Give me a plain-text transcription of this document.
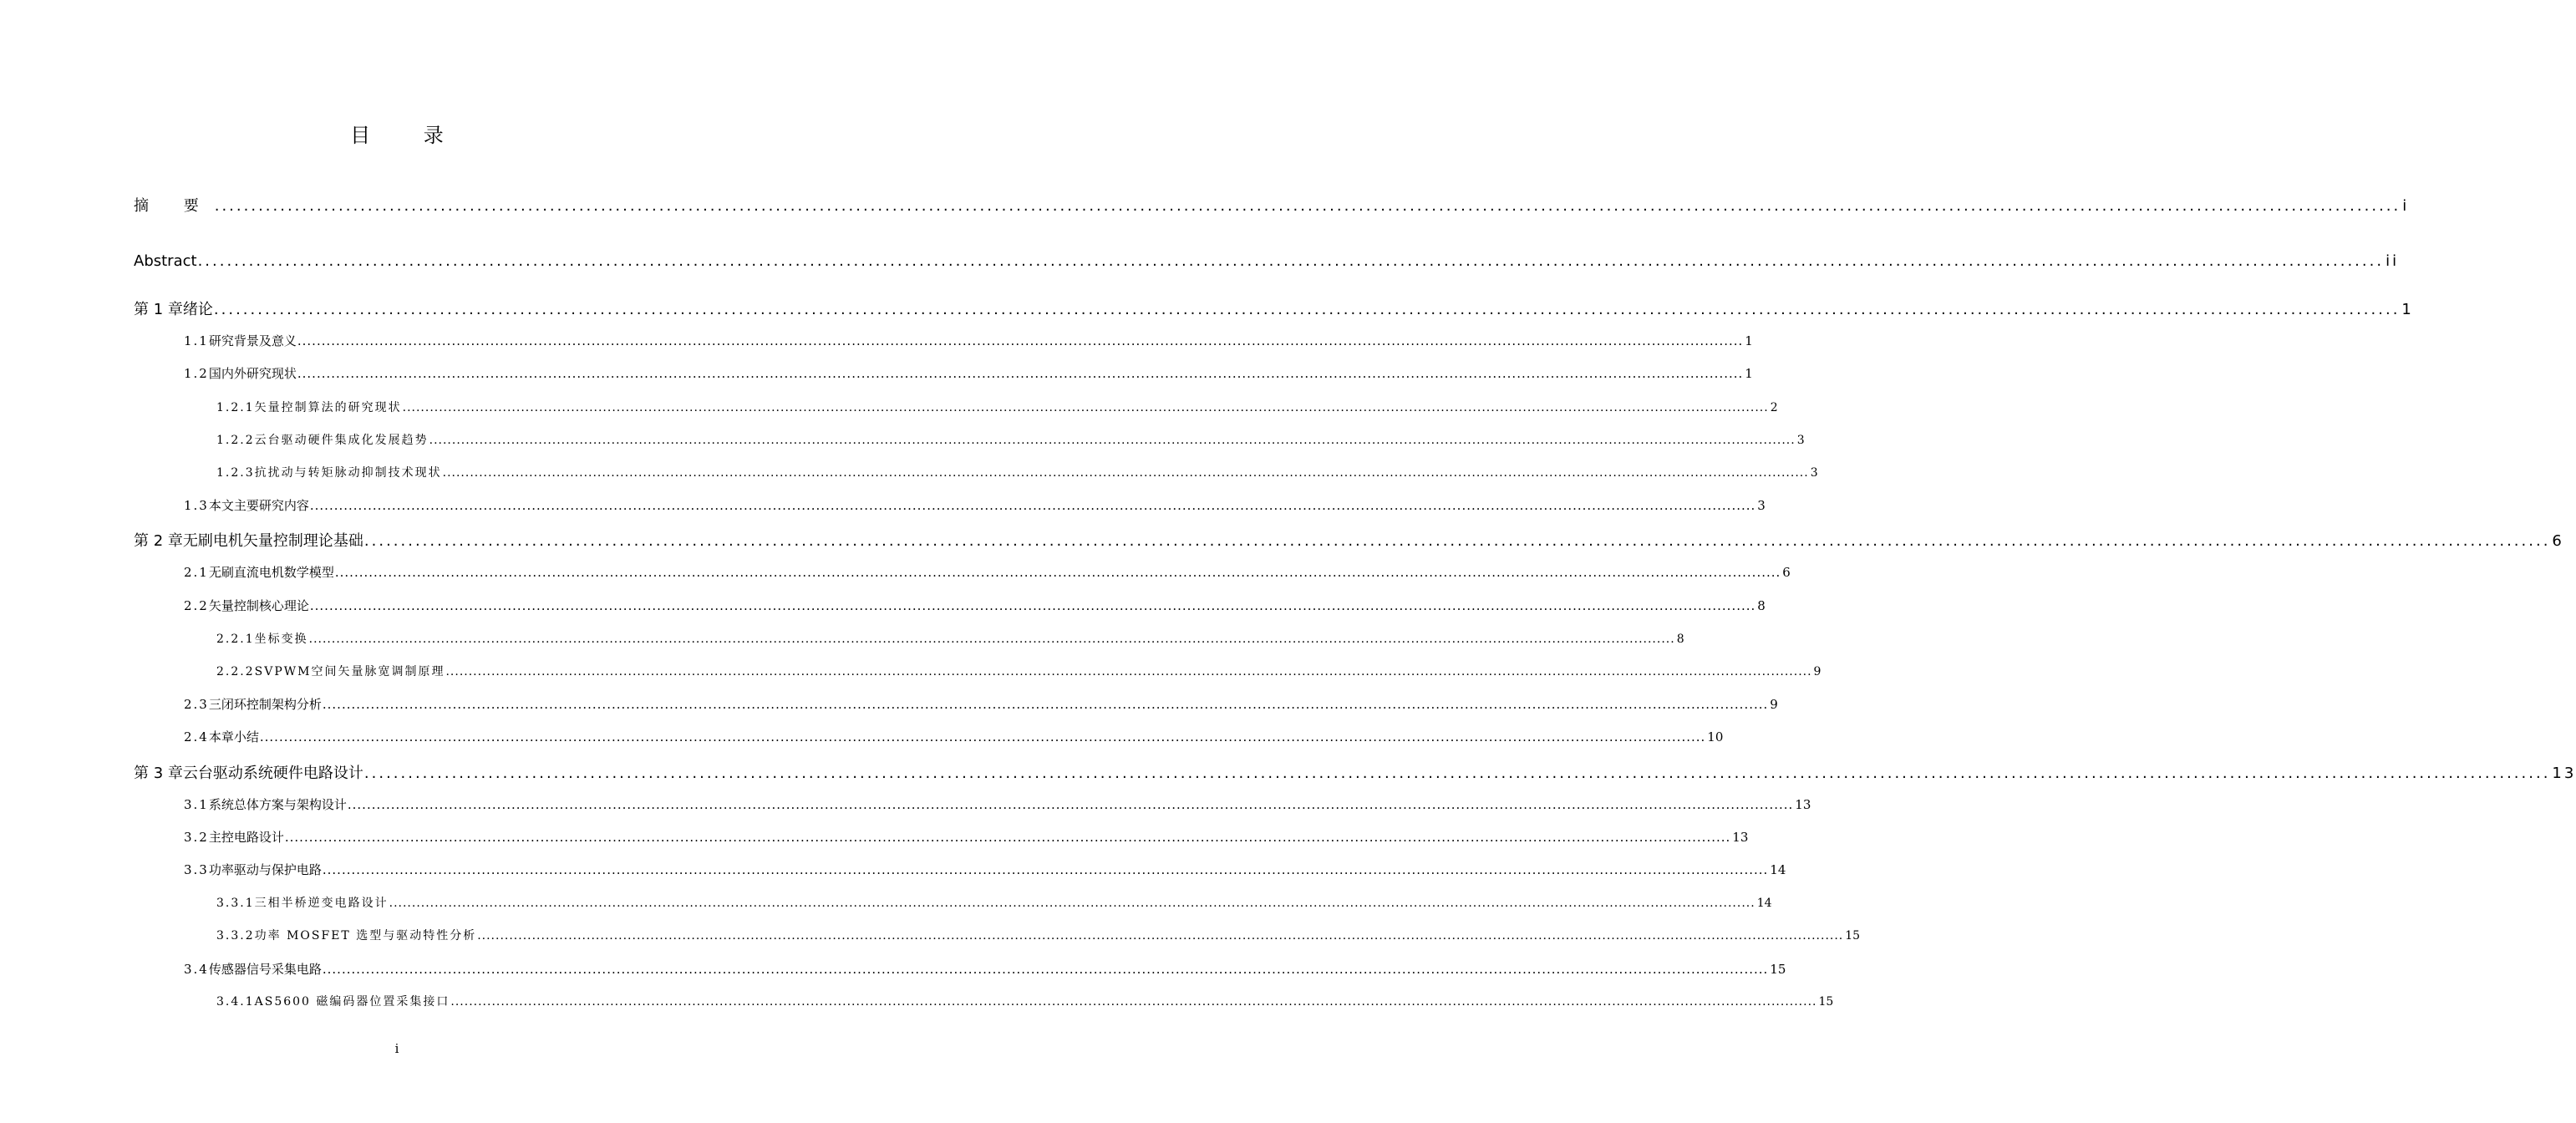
目 录
摘 要 ............................................................................................................................................................................................................................................................................................................ i
Abstract ............................................................................................................................................................................................................................................................................................................ ii
第 1 章 绪论 ............................................................................................................................................................................................................................................................................................................ 1
1.1 研究背景及意义 ............................................................................................................................................................................................................................................................................................................ 1
1.2 国内外研究现状 ............................................................................................................................................................................................................................................................................................................ 1
1.2.1 矢量控制算法的研究现状 ............................................................................................................................................................................................................................................................................................................ 2
1.2.2 云台驱动硬件集成化发展趋势 ............................................................................................................................................................................................................................................................................................................ 3
1.2.3 抗扰动与转矩脉动抑制技术现状 ............................................................................................................................................................................................................................................................................................................ 3
1.3 本文主要研究内容 ............................................................................................................................................................................................................................................................................................................ 3
第 2 章 无刷电机矢量控制理论基础 ............................................................................................................................................................................................................................................................................................................ 6
2.1 无刷直流电机数学模型 ............................................................................................................................................................................................................................................................................................................ 6
2.2 矢量控制核心理论 ............................................................................................................................................................................................................................................................................................................ 8
2.2.1 坐标变换 ............................................................................................................................................................................................................................................................................................................ 8
2.2.2 SVPWM空间矢量脉宽调制原理 ............................................................................................................................................................................................................................................................................................................ 9
2.3 三闭环控制架构分析 ............................................................................................................................................................................................................................................................................................................ 9
2.4 本章小结 ............................................................................................................................................................................................................................................................................................................ 10
第 3 章 云台驱动系统硬件电路设计 ............................................................................................................................................................................................................................................................................................................ 13
3.1 系统总体方案与架构设计 ............................................................................................................................................................................................................................................................................................................ 13
3.2 主控电路设计 ............................................................................................................................................................................................................................................................................................................ 13
3.3 功率驱动与保护电路 ............................................................................................................................................................................................................................................................................................................ 14
3.3.1 三相半桥逆变电路设计 ............................................................................................................................................................................................................................................................................................................ 14
3.3.2 功率 MOSFET 选型与驱动特性分析 ............................................................................................................................................................................................................................................................................................................ 15
3.4 传感器信号采集电路 ............................................................................................................................................................................................................................................................................................................ 15
3.4.1 AS5600 磁编码器位置采集接口 ............................................................................................................................................................................................................................................................................................................ 15
i
